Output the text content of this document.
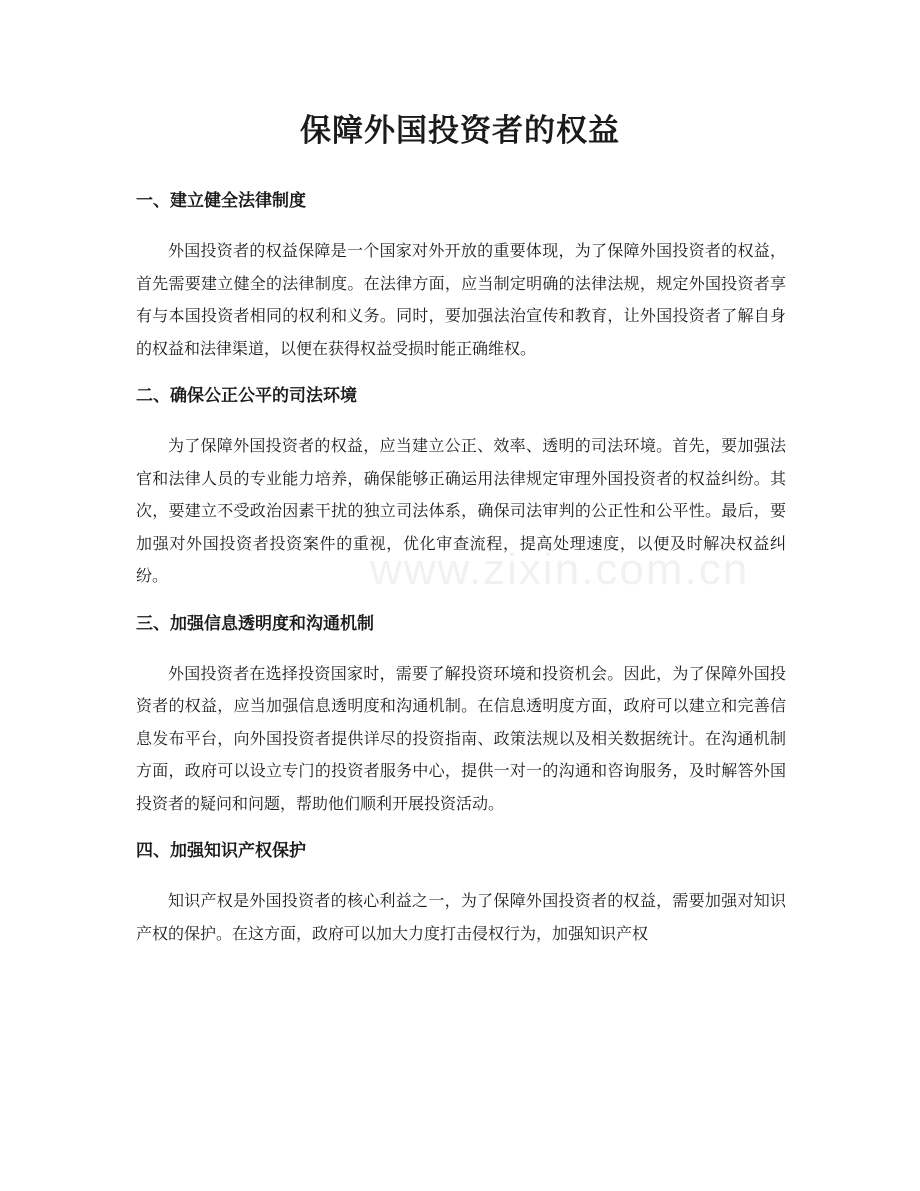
保障外国投资者的权益
一、建立健全法律制度

外国投资者的权益保障是一个国家对外开放的重要体现，为了保障外国投资者的权益，首先需要建立健全的法律制度。在法律方面，应当制定明确的法律法规，规定外国投资者享有与本国投资者相同的权利和义务。同时，要加强法治宣传和教育，让外国投资者了解自身的权益和法律渠道，以便在获得权益受损时能正确维权。

二、确保公正公平的司法环境

为了保障外国投资者的权益，应当建立公正、效率、透明的司法环境。首先，要加强法官和法律人员的专业能力培养，确保能够正确运用法律规定审理外国投资者的权益纠纷。其次，要建立不受政治因素干扰的独立司法体系，确保司法审判的公正性和公平性。最后，要加强对外国投资者投资案件的重视，优化审查流程，提高处理速度，以便及时解决权益纠纷。

三、加强信息透明度和沟通机制

外国投资者在选择投资国家时，需要了解投资环境和投资机会。因此，为了保障外国投资者的权益，应当加强信息透明度和沟通机制。在信息透明度方面，政府可以建立和完善信息发布平台，向外国投资者提供详尽的投资指南、政策法规以及相关数据统计。在沟通机制方面，政府可以设立专门的投资者服务中心，提供一对一的沟通和咨询服务，及时解答外国投资者的疑问和问题，帮助他们顺利开展投资活动。

四、加强知识产权保护

知识产权是外国投资者的核心利益之一，为了保障外国投资者的权益，需要加强对知识产权的保护。在这方面，政府可以加大力度打击侵权行为，加强知识产权

www.zixin.com.cn
